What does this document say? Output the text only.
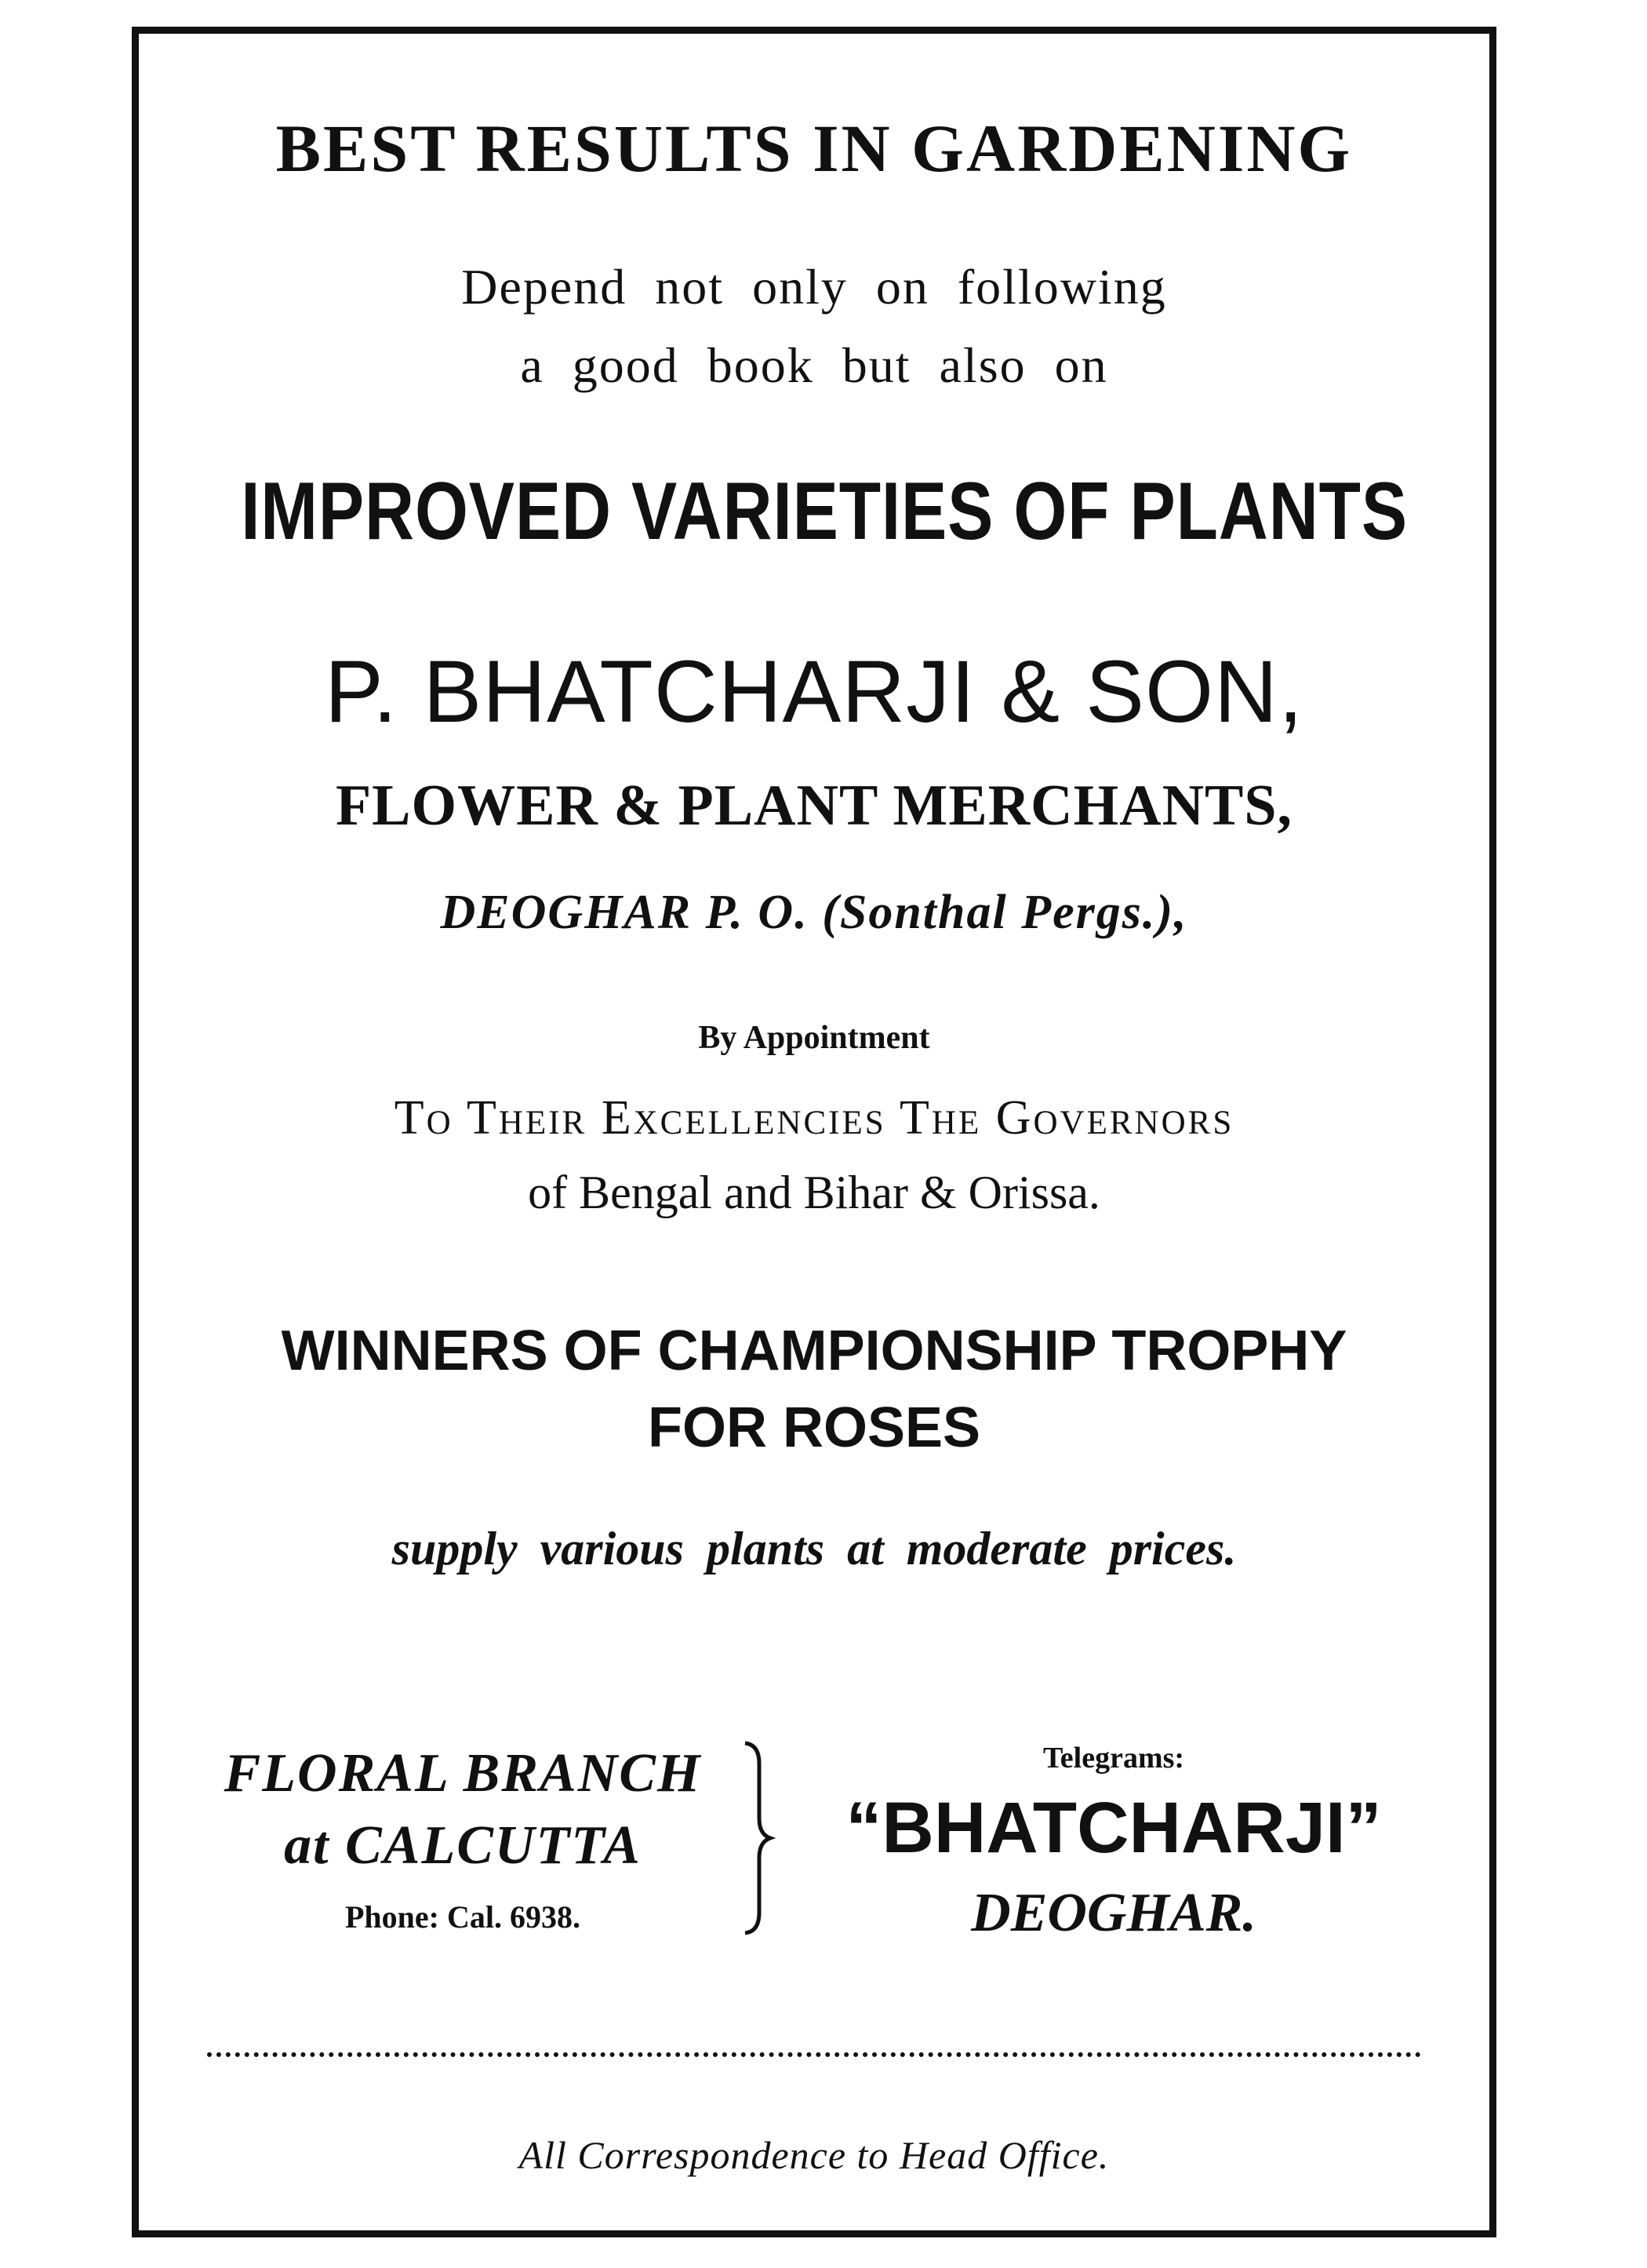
BEST RESULTS IN GARDENING
Depend not only on following
a good book but also on
IMPROVED VARIETIES OF PLANTS
P. BHATCHARJI & SON,
FLOWER & PLANT MERCHANTS,
DEOGHAR P. O. (Sonthal Pergs.),
By Appointment
To Their Excellencies The Governors
of Bengal and Bihar & Orissa.
WINNERS OF CHAMPIONSHIP TROPHY
FOR ROSES
supply various plants at moderate prices.
FLORAL BRANCH
at CALCUTTA
Phone: Cal. 6938.
Telegrams:
“BHATCHARJI”
DEOGHAR.
All Correspondence to Head Office.
